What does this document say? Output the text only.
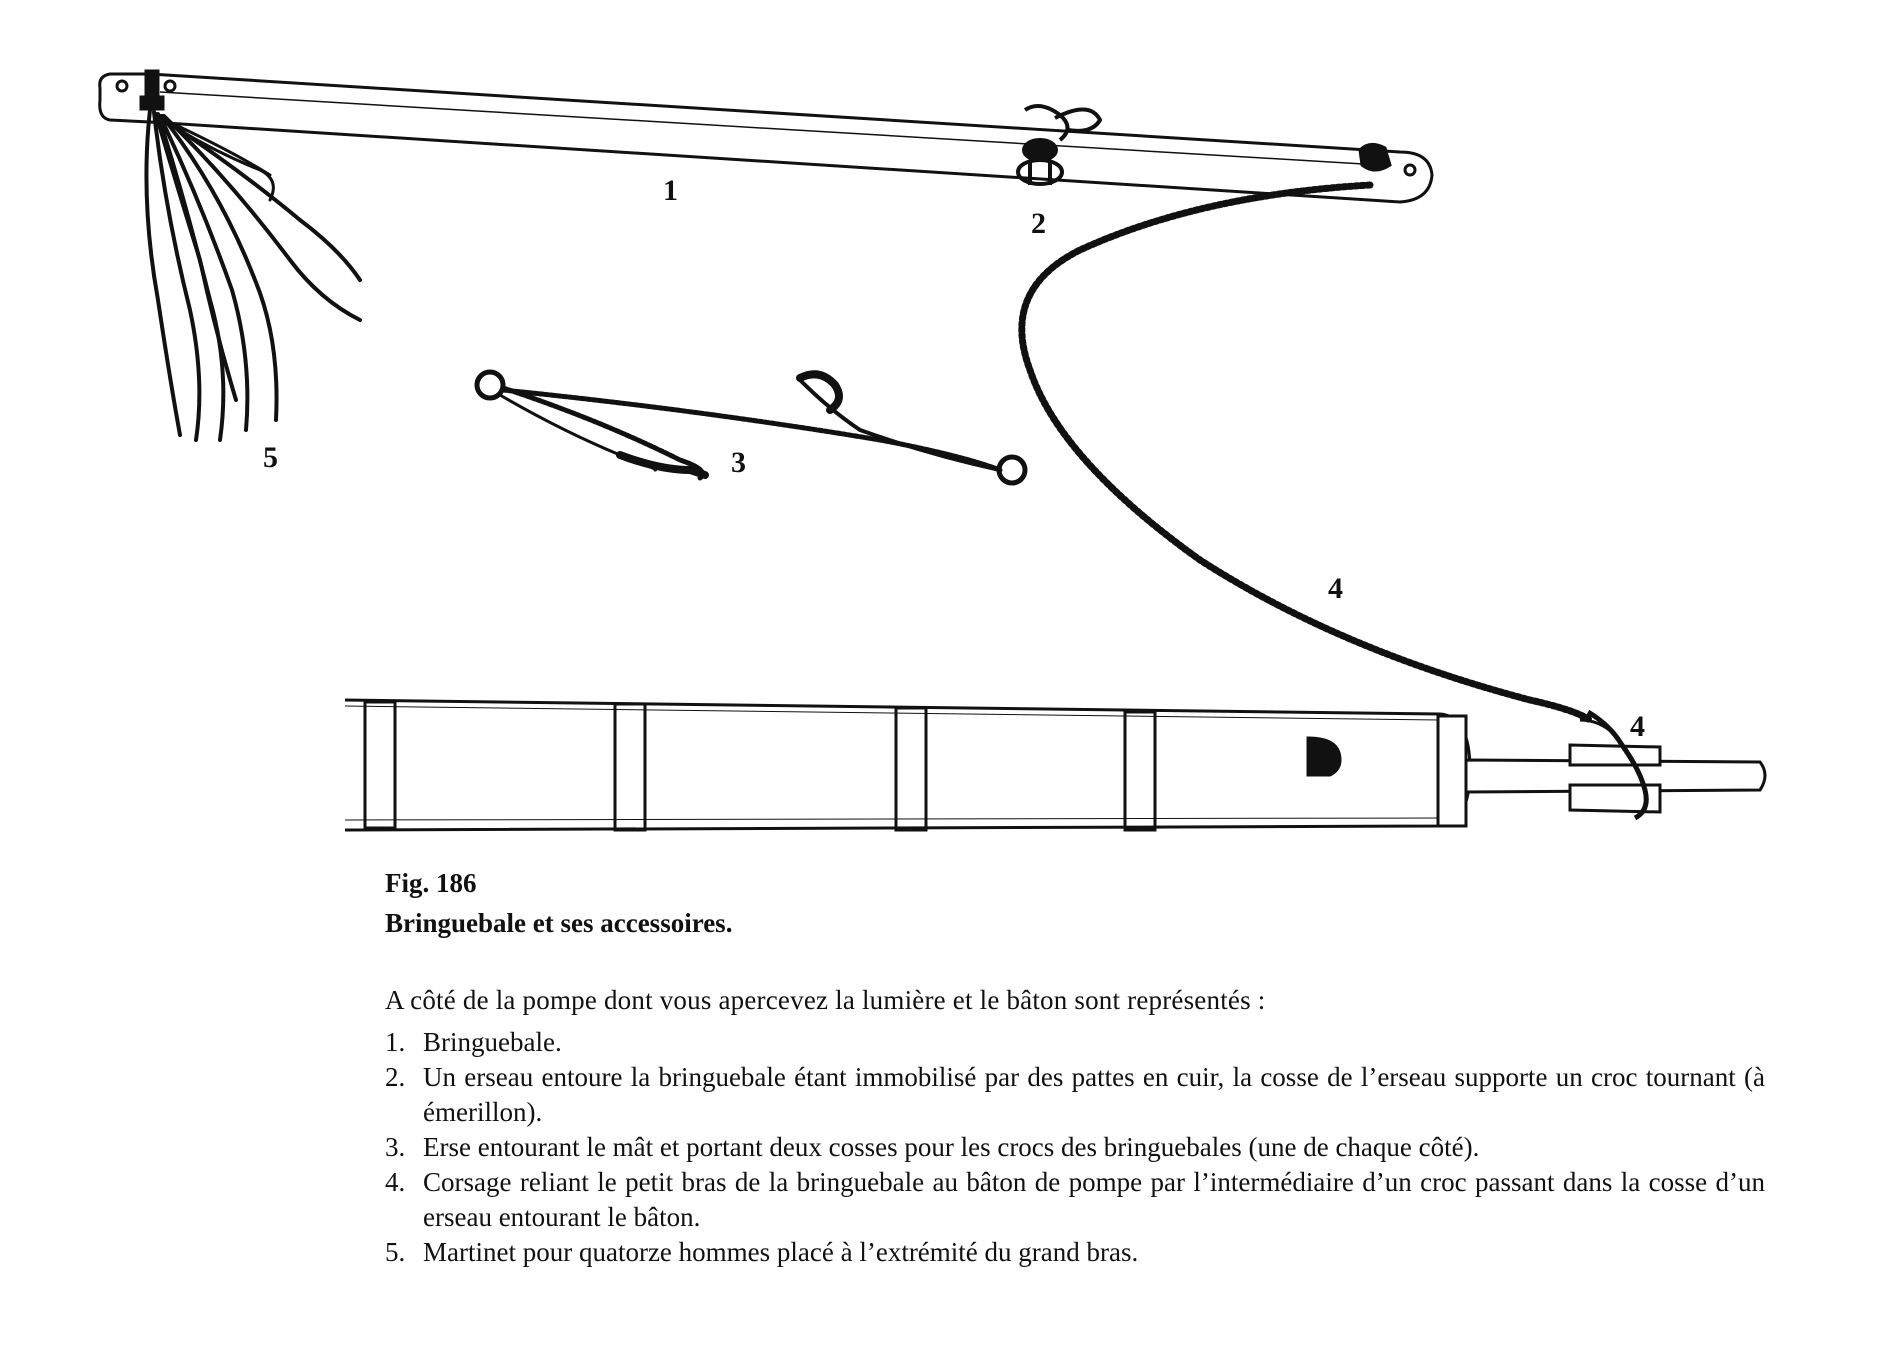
1
2
3
4
4
5

Fig. 186

Bringuebale et ses accessoires.

A côté de la pompe dont vous apercevez la lumière et le bâton sont représentés :

1. Bringuebale.
2. Un erseau entoure la bringuebale étant immobilisé par des pattes en cuir, la cosse de l’erseau supporte un croc tournant (à émerillon).
3. Erse entourant le mât et portant deux cosses pour les crocs des bringuebales (une de chaque côté).
4. Corsage reliant le petit bras de la bringuebale au bâton de pompe par l’intermédiaire d’un croc passant dans la cosse d’un erseau entourant le bâton.
5. Martinet pour quatorze hommes placé à l’extrémité du grand bras.
